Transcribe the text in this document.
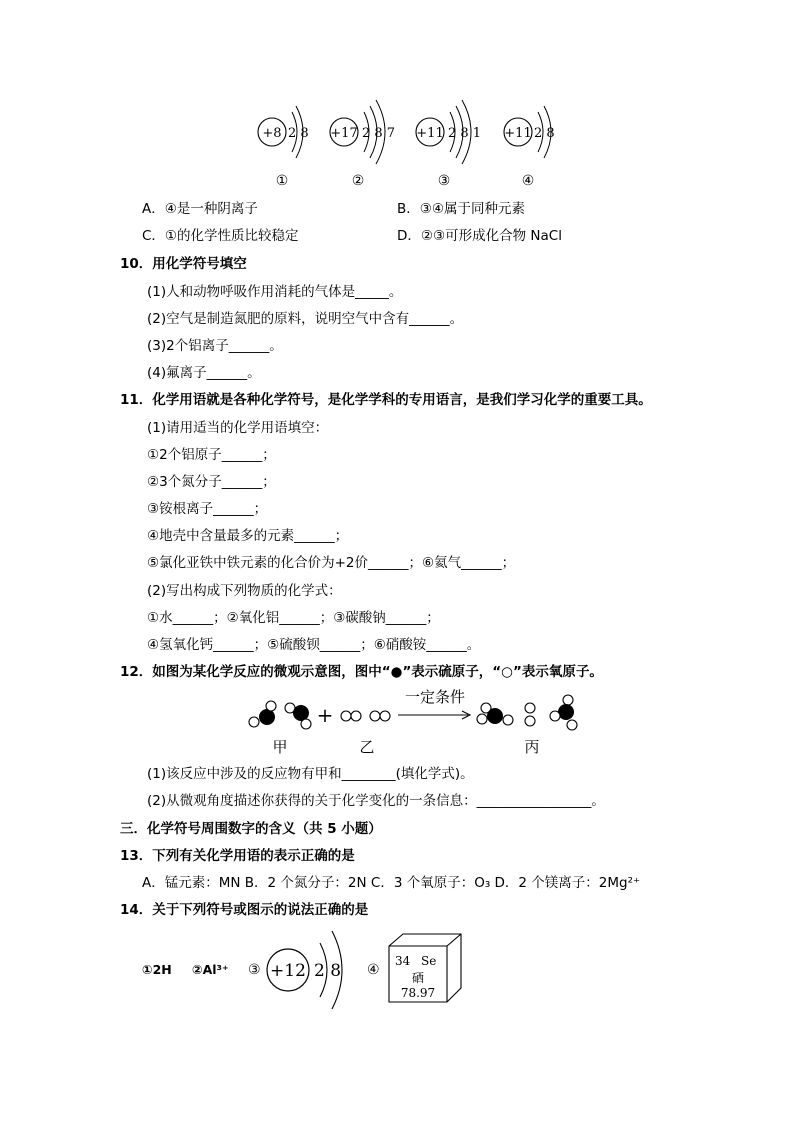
+8 2 8
①
+17 2 8 7
②
+11 2 8 1
③
+11 2 8
④
A．④是一种阴离子	B．③④属于同种元素
C．①的化学性质比较稳定	D．②③可形成化合物 NaCl
10．用化学符号填空
(1)人和动物呼吸作用消耗的气体是_____。
(2)空气是制造氮肥的原料，说明空气中含有______。
(3)2个铝离子______。
(4)氟离子______。
11．化学用语就是各种化学符号，是化学学科的专用语言，是我们学习化学的重要工具。
(1)请用适当的化学用语填空：
①2个铝原子______；
②3个氮分子______；
③铵根离子______；
④地壳中含量最多的元素______；
⑤氯化亚铁中铁元素的化合价为+2价______；⑥氦气______；
(2)写出构成下列物质的化学式：
①水______；②氧化铝______；③碳酸钠______；
④氢氧化钙______；⑤硫酸钡______；⑥硝酸铵______。
12．如图为某化学反应的微观示意图，图中“●”表示硫原子，“○”表示氧原子。
+
一定条件
甲	乙	丙
(1)该反应中涉及的反应物有甲和________(填化学式)。
(2)从微观角度描述你获得的关于化学变化的一条信息：_________________。
三．化学符号周围数字的含义（共 5 小题）
13．下列有关化学用语的表示正确的是
A．锰元素：MN B．2 个氮分子：2N C．3 个氧原子：O₃ D．2 个镁离子：2Mg²⁺
14．关于下列符号或图示的说法正确的是
①2H ②Al³⁺ ③ +12 2 8 ④
34 Se
硒
78.97
